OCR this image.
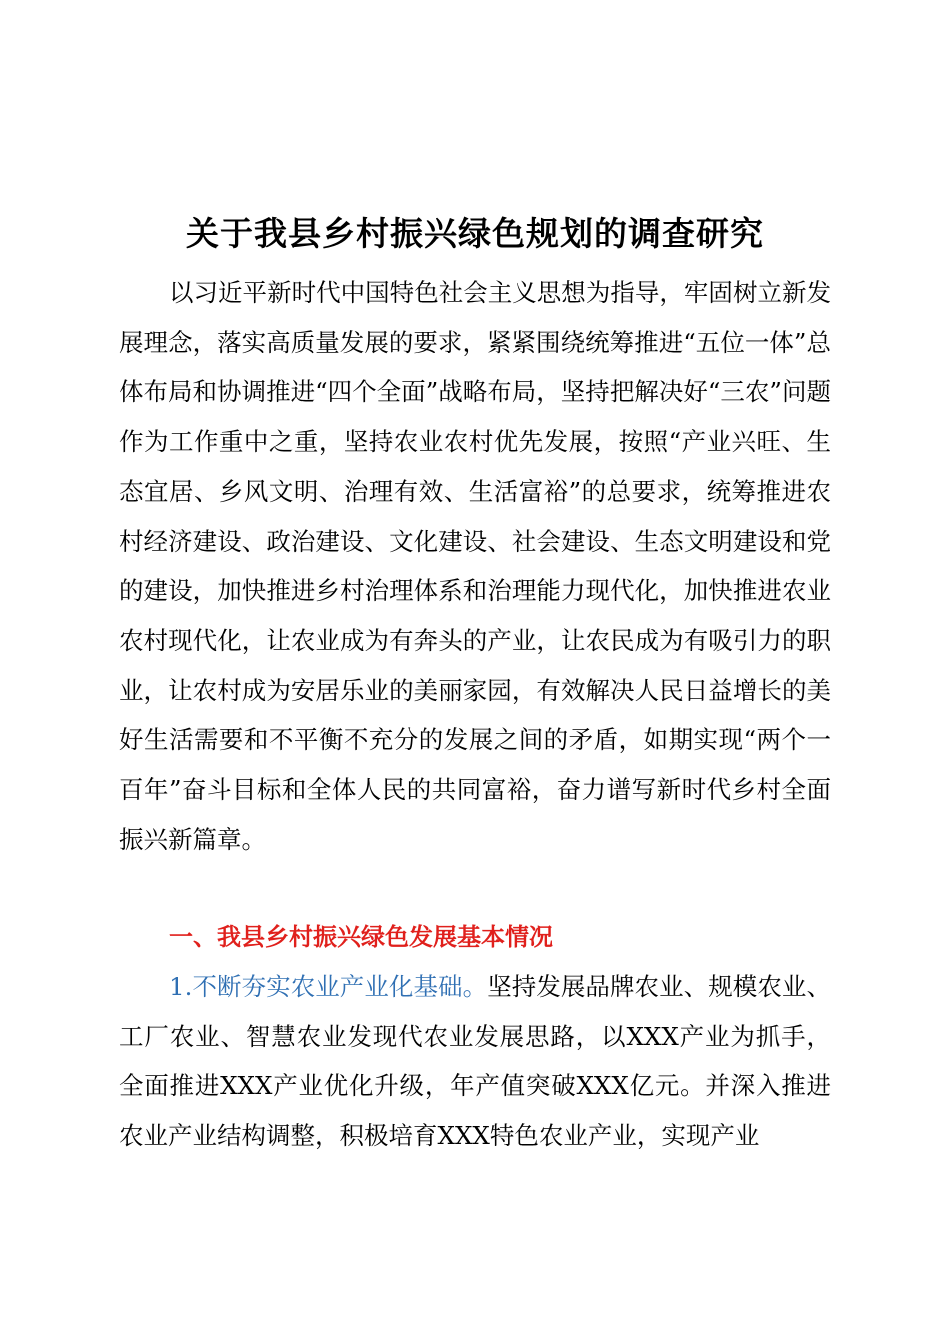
关于我县乡村振兴绿色规划的调查研究

以习近平新时代中国特色社会主义思想为指导，牢固树立新发展理念，落实高质量发展的要求，紧紧围绕统筹推进“五位一体”总体布局和协调推进“四个全面”战略布局，坚持把解决好“三农”问题作为工作重中之重，坚持农业农村优先发展，按照“产业兴旺、生态宜居、乡风文明、治理有效、生活富裕”的总要求，统筹推进农村经济建设、政治建设、文化建设、社会建设、生态文明建设和党的建设，加快推进乡村治理体系和治理能力现代化，加快推进农业农村现代化，让农业成为有奔头的产业，让农民成为有吸引力的职业，让农村成为安居乐业的美丽家园，有效解决人民日益增长的美好生活需要和不平衡不充分的发展之间的矛盾，如期实现“两个一百年”奋斗目标和全体人民的共同富裕，奋力谱写新时代乡村全面振兴新篇章。

一、我县乡村振兴绿色发展基本情况

1.不断夯实农业产业化基础。坚持发展品牌农业、规模农业、工厂农业、智慧农业发现代农业发展思路，以XXX产业为抓手，全面推进XXX产业优化升级，年产值突破XXX亿元。并深入推进农业产业结构调整，积极培育XXX特色农业产业，实现产业
